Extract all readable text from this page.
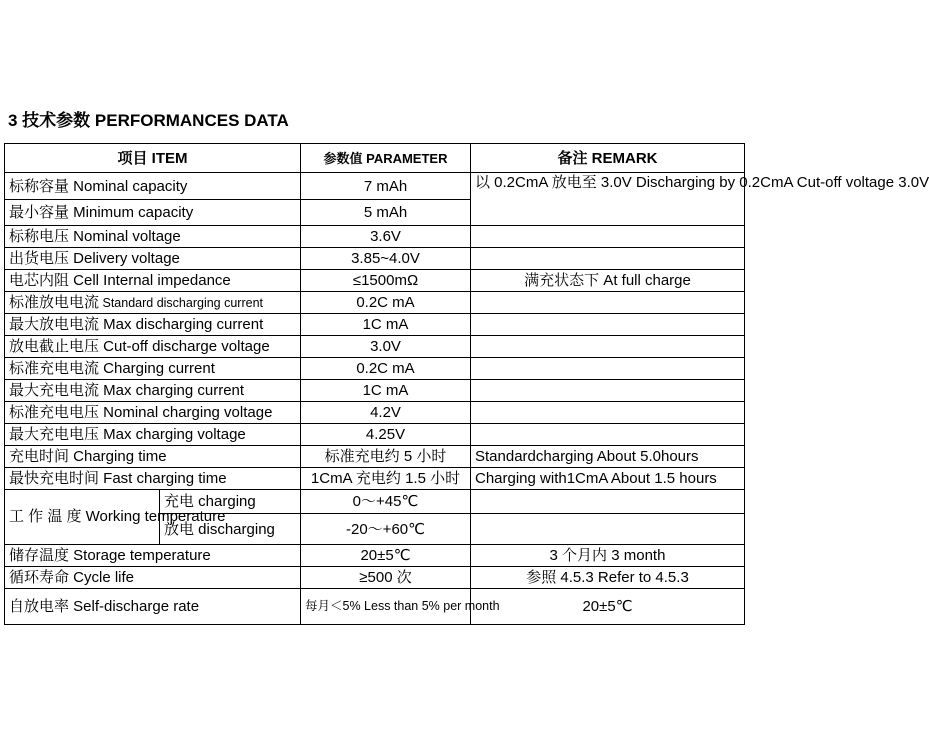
3 技术参数 PERFORMANCES DATA
项目 ITEM		参数值 PARAMETER	备注 REMARK
标称容量 Nominal capacity		7 mAh	以 0.2CmA 放电至 3.0V Discharging by 0.2CmA Cut-off voltage 3.0V
最小容量 Minimum capacity		5 mAh	
标称电压 Nominal voltage		3.6V	
出货电压 Delivery voltage		3.85~4.0V	
电芯内阻 Cell Internal impedance		≤1500mΩ	满充状态下 At full charge
标准放电电流 Standard discharging current		0.2C mA	
最大放电电流 Max discharging current		1C mA	
放电截止电压 Cut-off discharge voltage		3.0V	
标准充电电流 Charging current		0.2C mA	
最大充电电流 Max charging current		1C mA	
标准充电电压 Nominal charging voltage		4.2V	
最大充电电压 Max charging voltage		4.25V	
充电时间 Charging time		标准充电约 5 小时	Standardcharging About 5.0hours
最快充电时间 Fast charging time		1CmA 充电约 1.5 小时	Charging with1CmA About 1.5 hours
工 作 温 度 Working temperature	充电 charging	0～+45℃	
	放电 discharging	-20～+60℃	
储存温度 Storage temperature		20±5℃	3 个月内 3 month
循环寿命 Cycle life		≥500 次	参照 4.5.3 Refer to 4.5.3
自放电率 Self-discharge rate		每月＜5% Less than 5% per month	20±5℃
